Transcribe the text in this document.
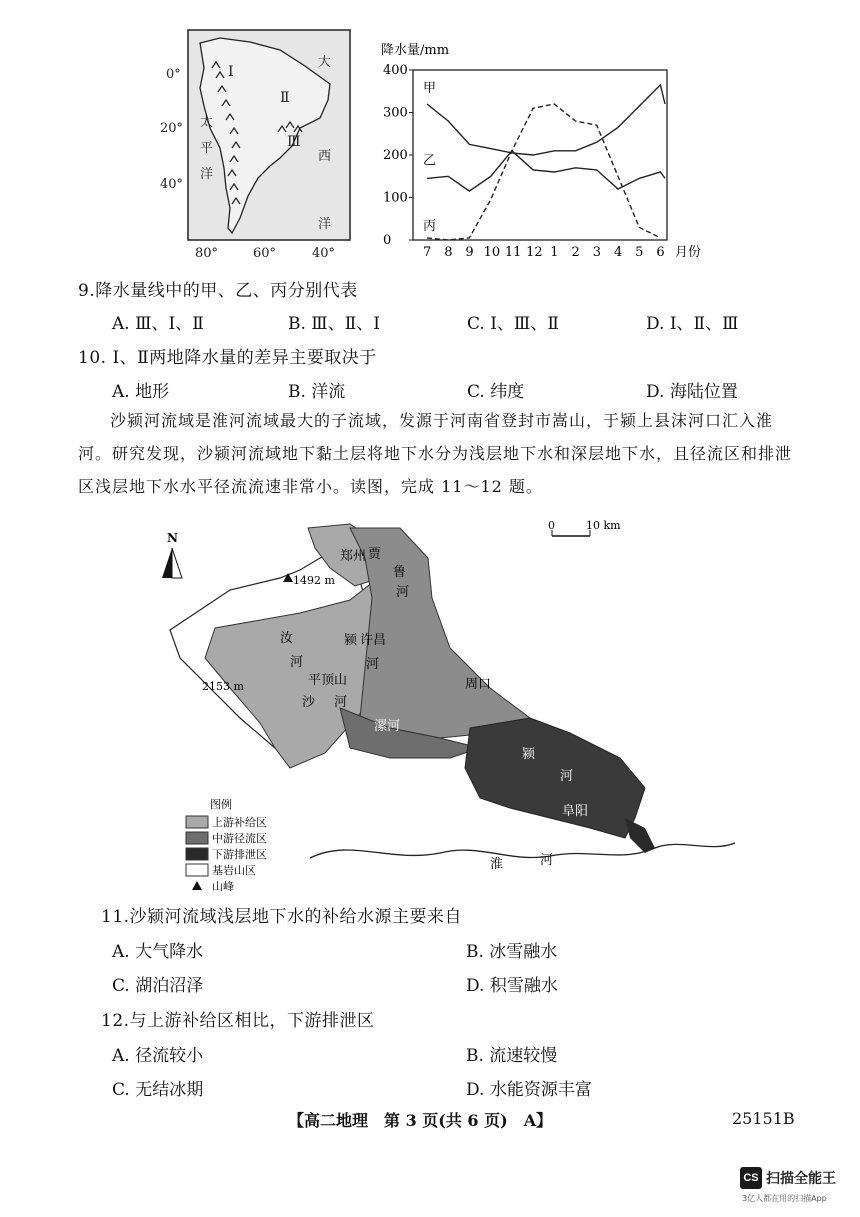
0°
20°
40°
80°	60°	40°
太
平
洋
大
西
洋
Ⅰ
Ⅱ
Ⅲ
降水量/mm
月份
0
100
200
300
400
7 8 9 10 11 12 1 2 3 4 5 6
甲
乙
丙
9.降水量线中的甲、乙、丙分别代表
A. Ⅲ、Ⅰ、Ⅱ	B. Ⅲ、Ⅱ、Ⅰ	C. Ⅰ、Ⅲ、Ⅱ	D. Ⅰ、Ⅱ、Ⅲ
10. Ⅰ、Ⅱ两地降水量的差异主要取决于
A. 地形	B. 洋流	C. 纬度	D. 海陆位置
沙颍河流域是淮河流域最大的子流域，发源于河南省登封市嵩山，于颍上县沫河口汇入淮河。研究发现，沙颍河流域地下黏土层将地下水分为浅层地下水和深层地下水，且径流区和排泄区浅层地下水水平径流流速非常小。读图，完成 11～12 题。
N
0	10 km
1492 m
2153 m
郑州 贾
鲁
河
汝
河
颍 许昌
河
平顶山
沙 河
漯河
周口
颍
河
阜阳
淮	河
图例
上游补给区
中游径流区
下游排泄区
基岩山区
山峰
11.沙颍河流域浅层地下水的补给水源主要来自
A. 大气降水	B. 冰雪融水
C. 湖泊沼泽	D. 积雪融水
12.与上游补给区相比，下游排泄区
A. 径流较小	B. 流速较慢
C. 无结冰期	D. 水能资源丰富
【高二地理　第 3 页(共 6 页)　A】	25151B
CS 扫描全能王
3亿人都在用的扫描App
